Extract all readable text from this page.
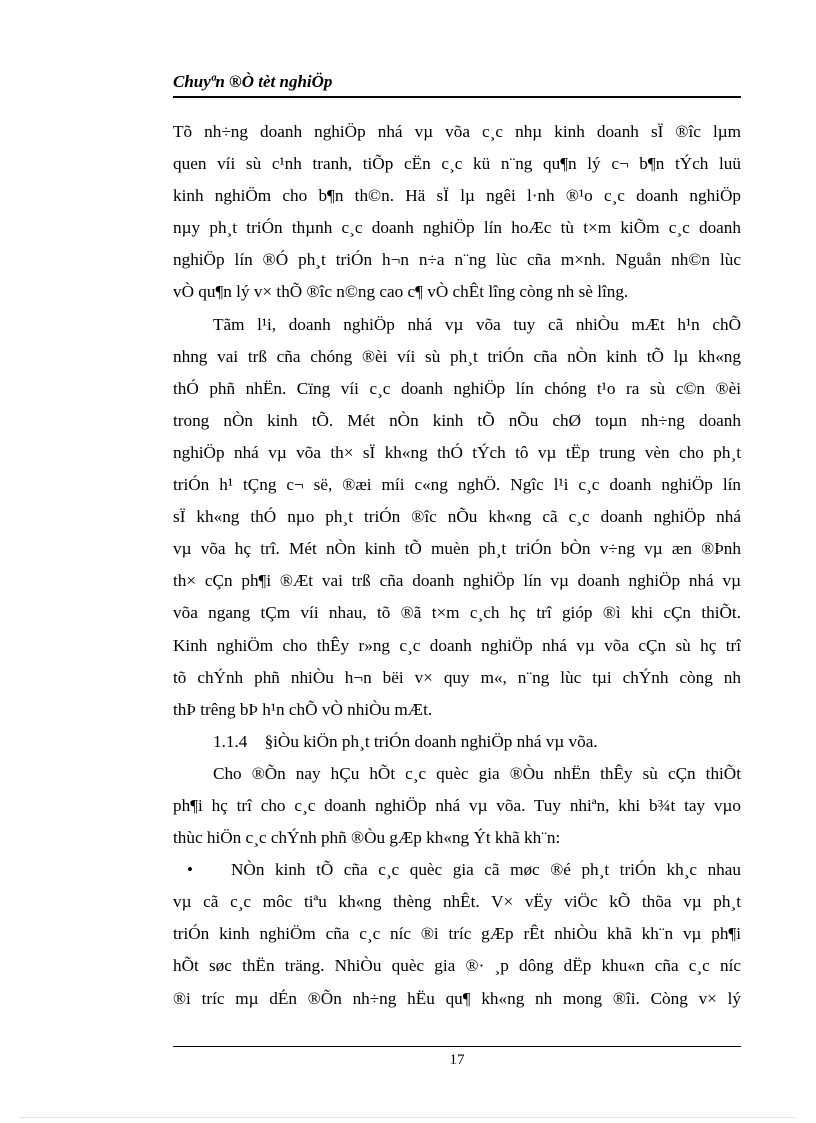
Chuyªn ®Ò tèt nghiÖp
Tõ nh÷ng doanh nghiÖp nhá vµ võa c¸c nhµ kinh doanh sÏ ®îc lµm
quen víi sù c¹nh tranh, tiÕp cËn c¸c kü n¨ng qu¶n lý c¬ b¶n tÝch luü
kinh nghiÖm cho b¶n th©n. Hä sÏ lµ ngêi l·nh ®¹o c¸c doanh nghiÖp
nµy ph¸t triÓn thµnh c¸c doanh nghiÖp lín hoÆc tù t×m kiÕm c¸c doanh
nghiÖp lín ®Ó ph¸t triÓn h¬n n÷a n¨ng lùc cña m×nh. Nguån nh©n lùc
vÒ qu¶n lý v× thÕ ®îc n©ng cao c¶ vÒ chÊt lîng còng nh sè lîng.
Tãm l¹i, doanh nghiÖp nhá vµ võa tuy cã nhiÒu mÆt h¹n chÕ
nhng vai trß cña chóng ®èi víi sù ph¸t triÓn cña nÒn kinh tÕ lµ kh«ng
thÓ phñ nhËn. Cïng víi c¸c doanh nghiÖp lín chóng t¹o ra sù c©n ®èi
trong nÒn kinh tÕ. Mét nÒn kinh tÕ nÕu chØ toµn nh÷ng doanh
nghiÖp nhá vµ võa th× sÏ kh«ng thÓ tÝch tô vµ tËp trung vèn cho ph¸t
triÓn h¹ tÇng c¬ së, ®æi míi c«ng nghÖ. Ngîc l¹i c¸c doanh nghiÖp lín
sÏ kh«ng thÓ nµo ph¸t triÓn ®îc nÕu kh«ng cã c¸c doanh nghiÖp nhá
vµ võa hç trî. Mét nÒn kinh tÕ muèn ph¸t triÓn bÒn v÷ng vµ æn ®Þnh
th× cÇn ph¶i ®Æt vai trß cña doanh nghiÖp lín vµ doanh nghiÖp nhá vµ
võa ngang tÇm víi nhau, tõ ®ã t×m c¸ch hç trî gióp ®ì khi cÇn thiÕt.
Kinh nghiÖm cho thÊy r»ng c¸c doanh nghiÖp nhá vµ võa cÇn sù hç trî
tõ chÝnh phñ nhiÒu h¬n bëi v× quy m«, n¨ng lùc tµi chÝnh còng nh
thÞ trêng bÞ h¹n chÕ vÒ nhiÒu mÆt.
1.1.4    §iÒu kiÖn ph¸t triÓn doanh nghiÖp nhá vµ võa.
Cho ®Õn nay hÇu hÕt c¸c quèc gia ®Òu nhËn thÊy sù cÇn thiÕt
ph¶i hç trî cho c¸c doanh nghiÖp nhá vµ võa. Tuy nhiªn, khi b¾t tay vµo
thùc hiÖn c¸c chÝnh phñ ®Òu gÆp kh«ng Ýt khã kh¨n:
• NÒn kinh tÕ cña c¸c quèc gia cã møc ®é ph¸t triÓn kh¸c nhau
vµ cã c¸c môc tiªu kh«ng thèng nhÊt. V× vËy viÖc kÕ thõa vµ ph¸t
triÓn kinh nghiÖm cña c¸c níc ®i tríc gÆp rÊt nhiÒu khã kh¨n vµ ph¶i
hÕt søc thËn träng. NhiÒu quèc gia ®· ¸p dông dËp khu«n cña c¸c níc
®i tríc mµ dÉn ®Õn nh÷ng hËu qu¶ kh«ng nh mong ®îi. Còng v× lý
17
